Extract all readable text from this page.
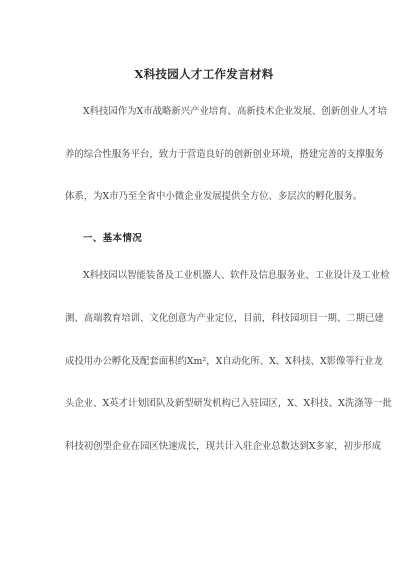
X科技园人才工作发言材料
X科技园作为X市战略新兴产业培育、高新技术企业发展、创新创业人才培
养的综合性服务平台，致力于营造良好的创新创业环境，搭建完善的支撑服务
体系，为X市乃至全省中小微企业发展提供全方位、多层次的孵化服务。
一、基本情况
X科技园以智能装备及工业机器人、软件及信息服务业、工业设计及工业检
测、高端教育培训、文化创意为产业定位，目前，科技园项目一期、二期已建
成投用办公孵化及配套面积约Xm²，X自动化所、X、X科技、X影像等行业龙
头企业、X英才计划团队及新型研发机构已入驻园区，X、X科技、X洗涤等一批
科技初创型企业在园区快速成长，现共计入驻企业总数达到X多家，初步形成
